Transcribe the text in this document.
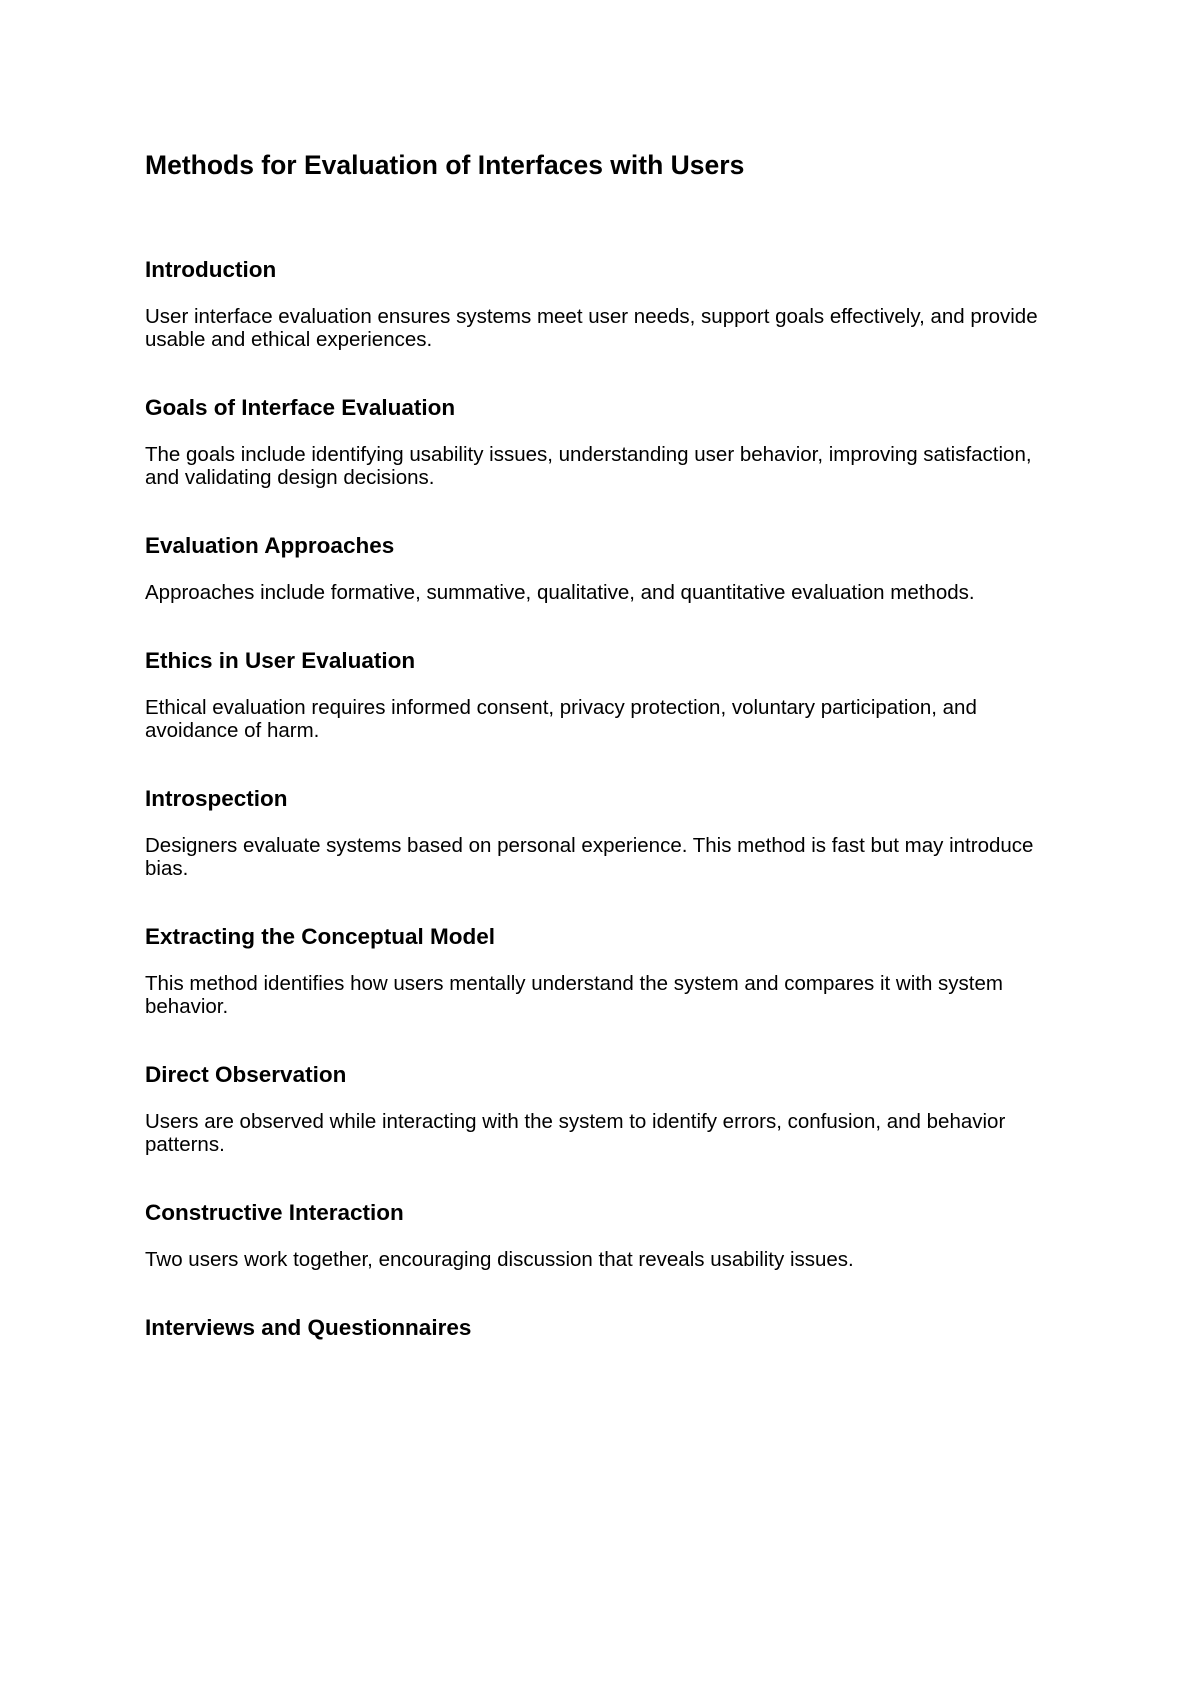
Methods for Evaluation of Interfaces with Users
Introduction

User interface evaluation ensures systems meet user needs, support goals effectively, and provide usable and ethical experiences.

Goals of Interface Evaluation

The goals include identifying usability issues, understanding user behavior, improving satisfaction, and validating design decisions.

Evaluation Approaches

Approaches include formative, summative, qualitative, and quantitative evaluation methods.

Ethics in User Evaluation

Ethical evaluation requires informed consent, privacy protection, voluntary participation, and avoidance of harm.

Introspection

Designers evaluate systems based on personal experience. This method is fast but may introduce bias.

Extracting the Conceptual Model

This method identifies how users mentally understand the system and compares it with system behavior.

Direct Observation

Users are observed while interacting with the system to identify errors, confusion, and behavior patterns.

Constructive Interaction

Two users work together, encouraging discussion that reveals usability issues.

Interviews and Questionnaires
